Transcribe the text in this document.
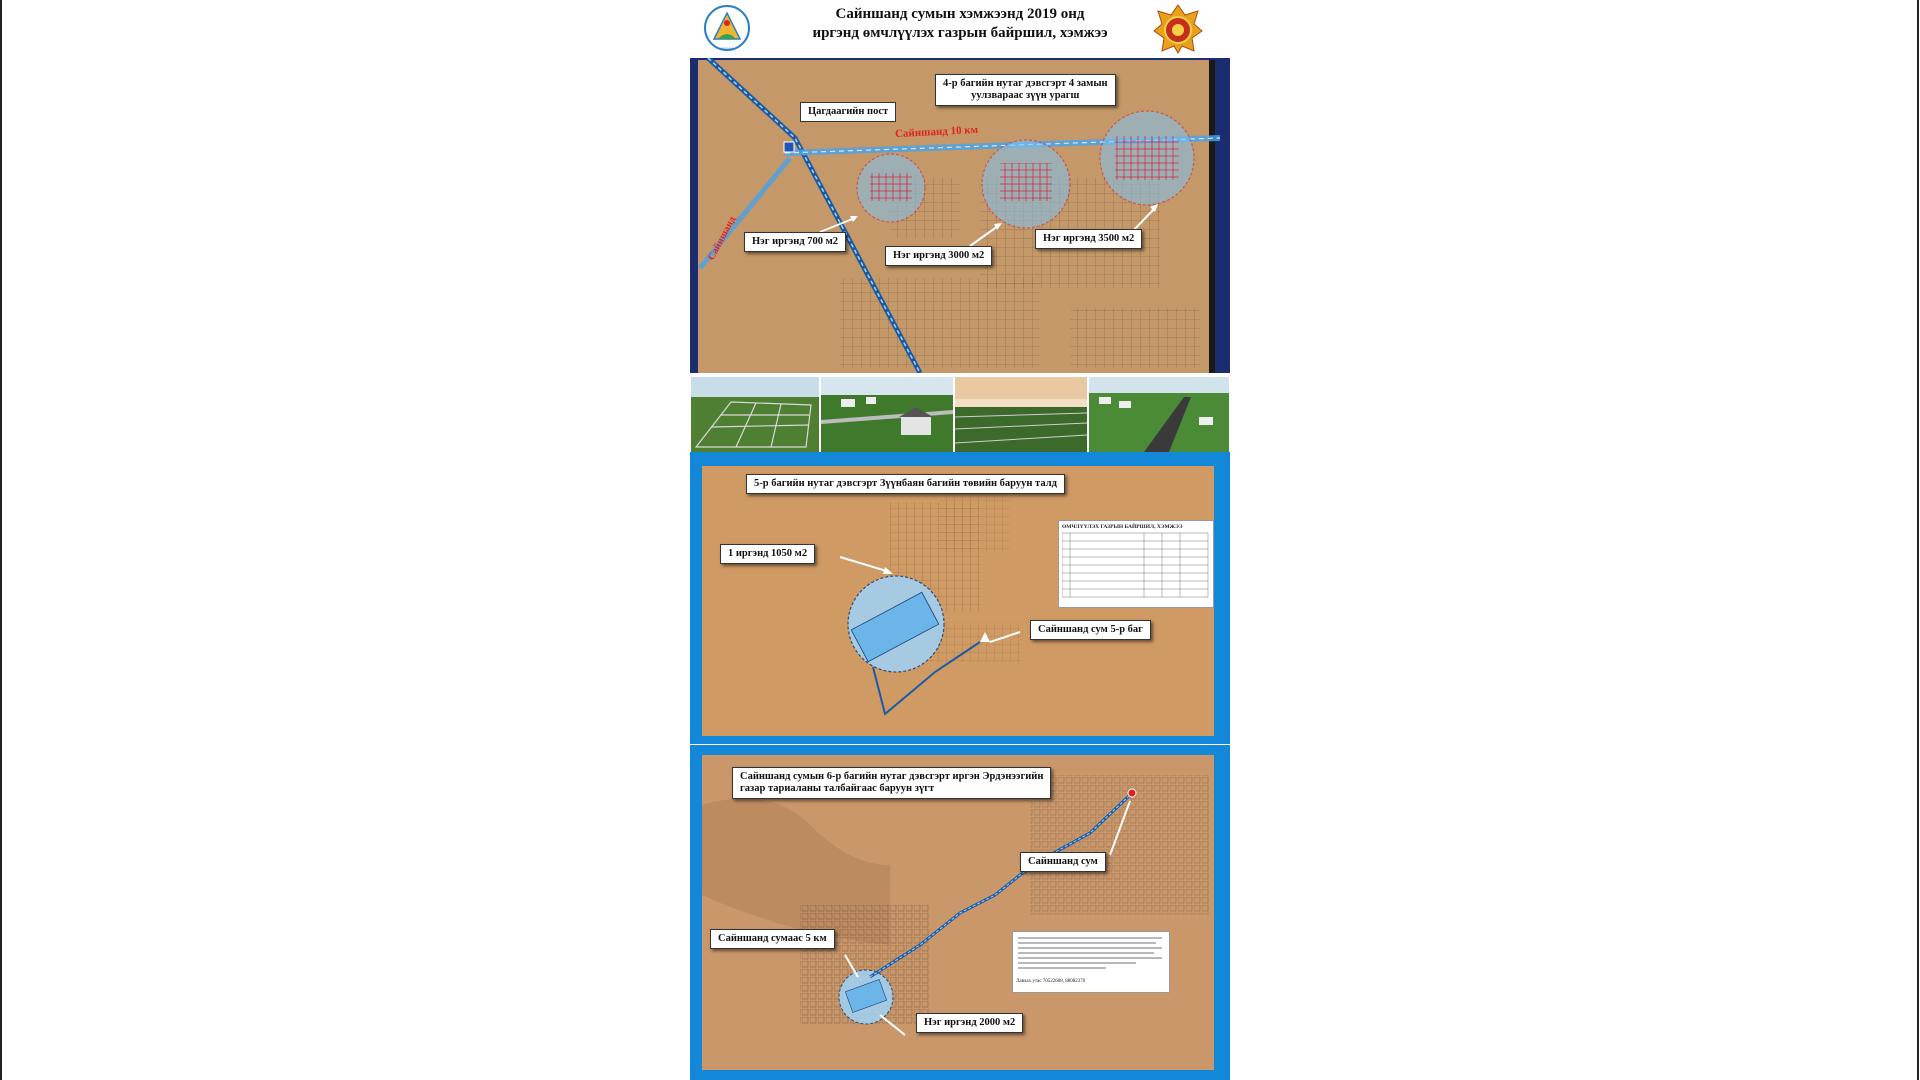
• • • • •
Сайншанд сумын хэмжээнд 2019 онд
иргэнд өмчлүүлэх газрын байршил, хэмжээ
4-р багийн нутаг дэвсгэрт 4 замын
уулзвараас зүүн урагш
Цагдаагийн пост
Сайншанд 10 км
Сайншанд	Нэг иргэнд 700 м2
Нэг иргэнд 3000 м2
Нэг иргэнд 3500 м2
5-р багийн нутаг дэвсгэрт Зүүнбаян багийн төвийн баруун талд
1 иргэнд 1050 м2
Сайншанд сум 5-р баг
ӨМЧЛҮҮЛЭХ ГАЗРЫН БАЙРШИЛ, ХЭМЖЭЭ
Сайншанд сумын 6-р багийн нутаг дэвсгэрт иргэн Эрдэнээгийн
газар тариаланы талбайгаас баруун зүгт
Сайншанд сум
Сайншанд сумаас 5 км
Нэг иргэнд 2000 м2
Лавлах утас 70522608, 88082370
